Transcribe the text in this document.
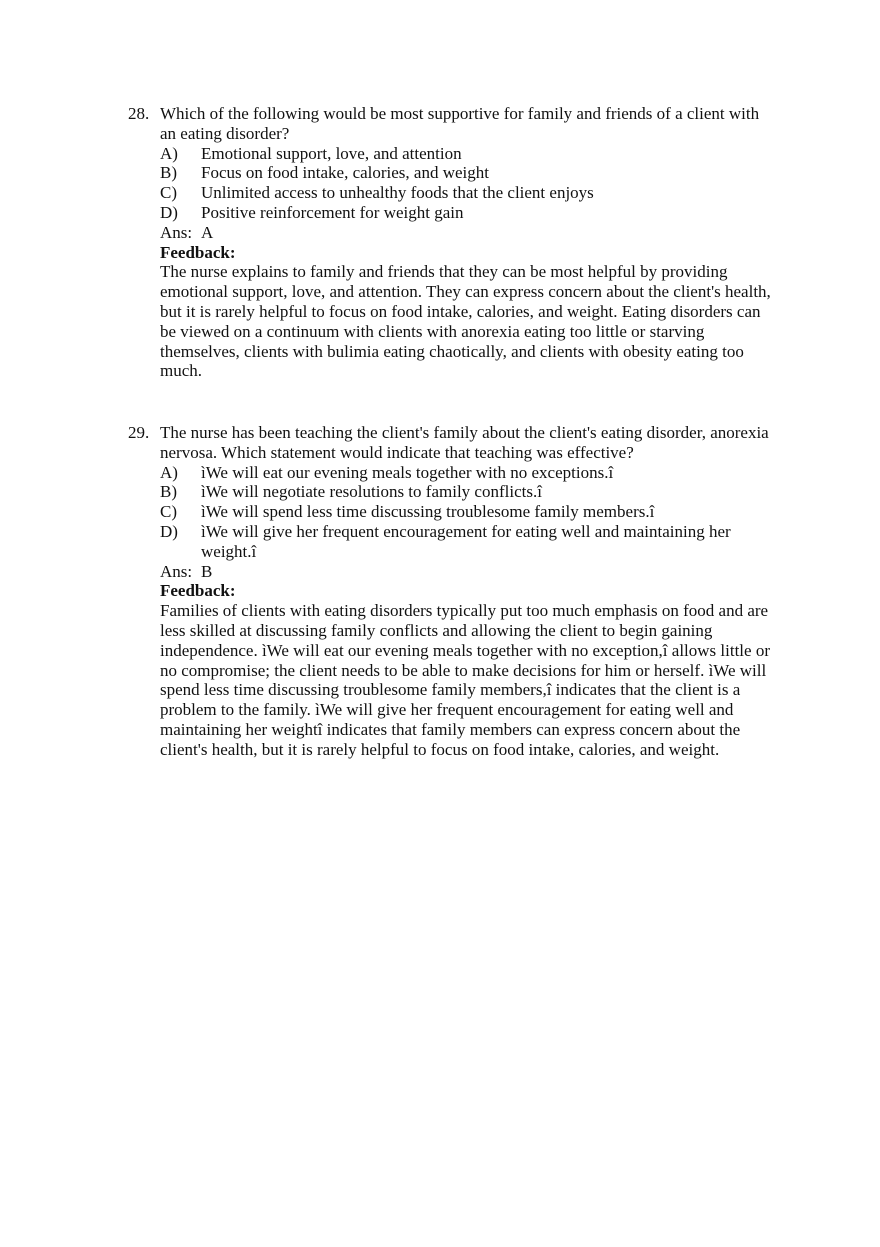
28. Which of the following would be most supportive for family and friends of a client with an eating disorder?
A)	Emotional support, love, and attention
B)	Focus on food intake, calories, and weight
C)	Unlimited access to unhealthy foods that the client enjoys
D)	Positive reinforcement for weight gain
Ans: A
Feedback:
The nurse explains to family and friends that they can be most helpful by providing emotional support, love, and attention. They can express concern about the client's health, but it is rarely helpful to focus on food intake, calories, and weight. Eating disorders can be viewed on a continuum with clients with anorexia eating too little or starving themselves, clients with bulimia eating chaotically, and clients with obesity eating too much.
29. The nurse has been teaching the client's family about the client's eating disorder, anorexia nervosa. Which statement would indicate that teaching was effective?
A)	ìWe will eat our evening meals together with no exceptions.î
B)	ìWe will negotiate resolutions to family conflicts.î
C)	ìWe will spend less time discussing troublesome family members.î
D)	ìWe will give her frequent encouragement for eating well and maintaining her weight.î
Ans: B
Feedback:
Families of clients with eating disorders typically put too much emphasis on food and are less skilled at discussing family conflicts and allowing the client to begin gaining independence. ìWe will eat our evening meals together with no exception,î allows little or no compromise; the client needs to be able to make decisions for him or herself. ìWe will spend less time discussing troublesome family members,î indicates that the client is a problem to the family. ìWe will give her frequent encouragement for eating well and maintaining her weightî indicates that family members can express concern about the client's health, but it is rarely helpful to focus on food intake, calories, and weight.
